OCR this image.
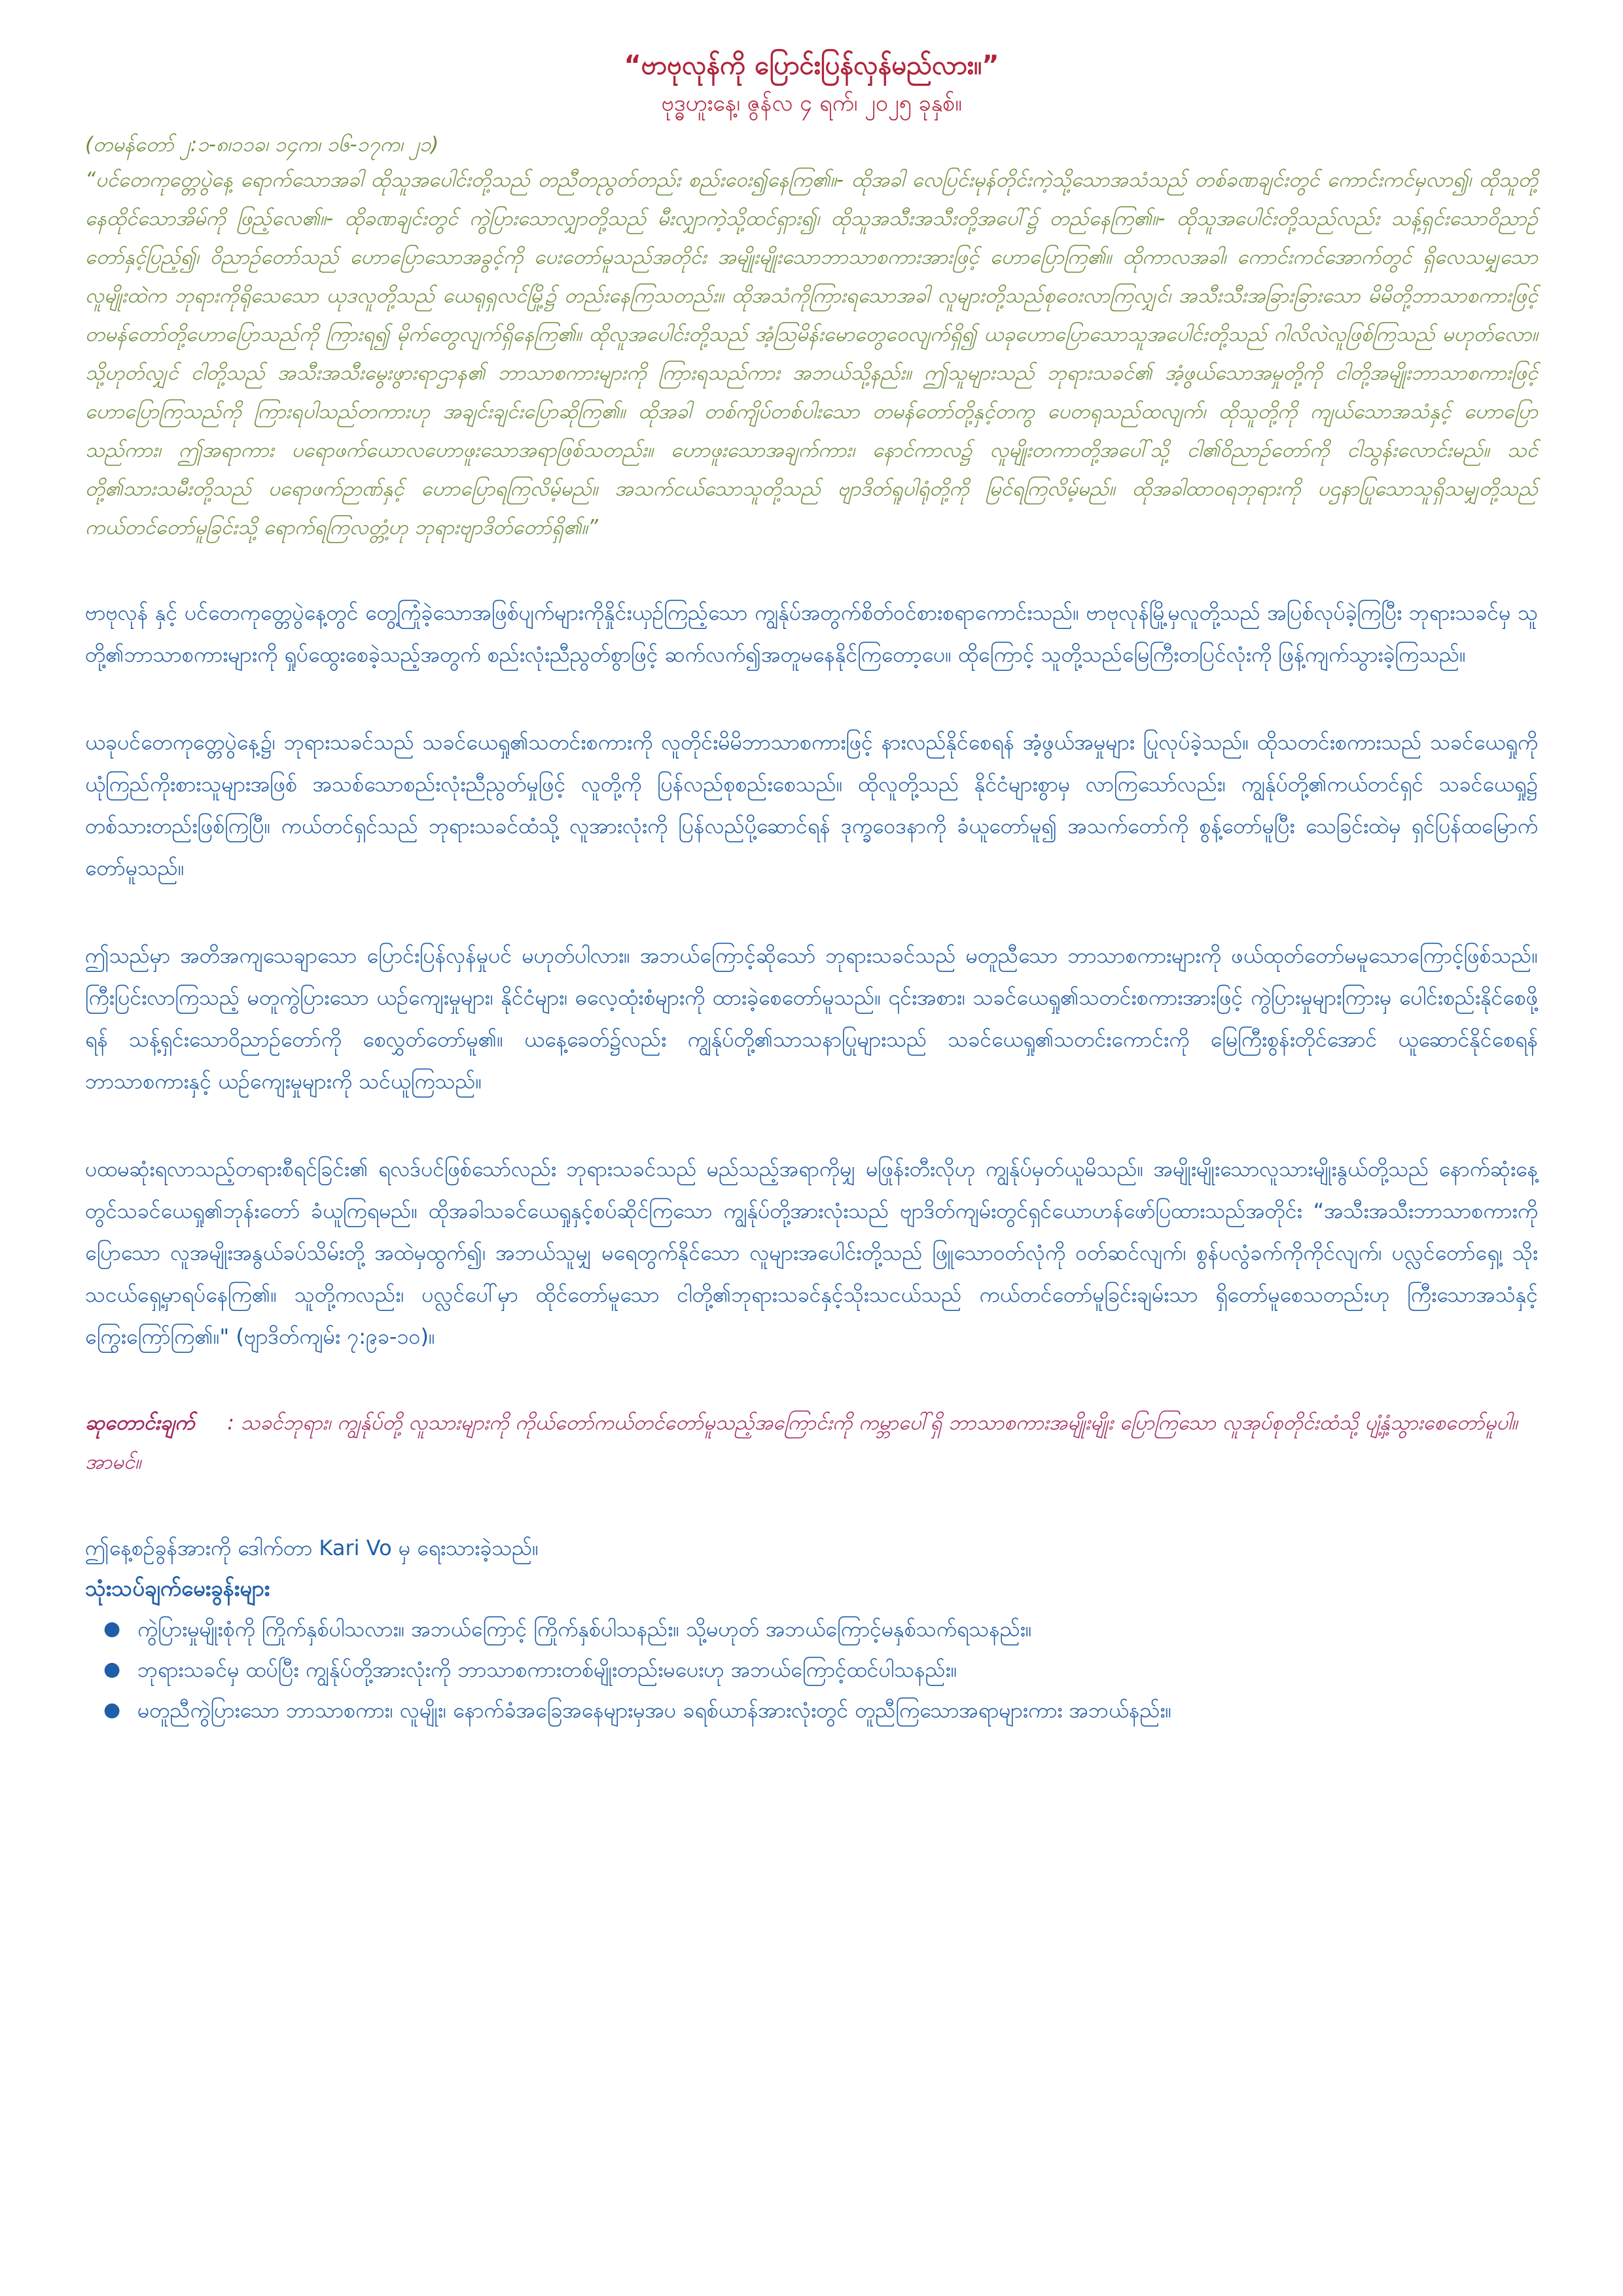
“ဗာဗုလုန်ကို ပြောင်းပြန်လှန်မည်လား။”

ဗုဒ္ဓဟူးနေ့၊ ဇွန်လ ၄ ရက်၊ ၂၀၂၅ ခုနှစ်။

(တမန်တော် ၂:၁-၈၊၁၁ခ၊ ၁၄က၊ ၁၆-၁၇က၊ ၂၁)

“ပင်တေကုတ္တေပွဲနေ့ ရောက်သောအခါ ထိုသူအပေါင်းတို့သည် တညီတညွတ်တည်း စည်းဝေး၍နေကြ၏။- ထိုအခါ လေပြင်းမုန်တိုင်းကဲ့သို့သောအသံသည် တစ်ခဏချင်းတွင် ကောင်းကင်မှလာ၍၊ ထိုသူတို့ နေထိုင်သောအိမ်ကို ဖြည့်လေ၏။- ထိုခဏချင်းတွင် ကွဲပြားသောလျှာတို့သည် မီးလျှာကဲ့သို့ထင်ရှား၍၊ ထိုသူအသီးအသီးတို့အပေါ်၌ တည်နေကြ၏။- ထိုသူအပေါင်းတို့သည်လည်း သန့်ရှင်းသောဝိညာဉ်တော်နှင့်ပြည့်၍၊ ဝိညာဉ်တော်သည် ဟောပြောသောအခွင့်ကို ပေးတော်မူသည်အတိုင်း အမျိုးမျိုးသောဘာသာစကားအားဖြင့် ဟောပြောကြ၏။ ထိုကာလအခါ၊ ကောင်းကင်အောက်တွင် ရှိလေသမျှသောလူမျိုးထဲက ဘုရားကိုရိုသေသော ယုဒလူတို့သည် ယေရုရှလင်မြို့၌ တည်းနေကြသတည်း။ ထိုအသံကိုကြားရသောအခါ လူများတို့သည်စုဝေးလာကြလျှင်၊ အသီးသီးအခြားခြားသော မိမိတို့ဘာသာစကားဖြင့် တမန်တော်တို့ဟောပြောသည်ကို ကြားရ၍ မိုက်တွေလျက်ရှိနေကြ၏။ ထိုလူအပေါင်းတို့သည် အံ့သြမိန်းမောတွေဝေလျက်ရှိ၍ ယခုဟောပြောသောသူအပေါင်းတို့သည် ဂါလိလဲလူဖြစ်ကြသည် မဟုတ်လော။ သို့ဟုတ်လျှင် ငါတို့သည် အသီးအသီးမွေးဖွားရာဌာန၏ ဘာသာစကားများကို ကြားရသည်ကား အဘယ်သို့နည်း။ ဤသူများသည် ဘုရားသခင်၏ အံ့ဖွယ်သောအမှုတို့ကို ငါတို့အမျိုးဘာသာစကားဖြင့် ဟောပြောကြသည်ကို ကြားရပါသည်တကားဟု အချင်းချင်းပြောဆိုကြ၏။ ထိုအခါ တစ်ကျိပ်တစ်ပါးသော တမန်တော်တို့နှင့်တကွ ပေတရုသည်ထလျက်၊ ထိုသူတို့ကို ကျယ်သောအသံနှင့် ဟောပြောသည်ကား၊ ဤအရာကား ပရောဖက်ယောလဟောဖူးသောအရာဖြစ်သတည်း။ ဟောဖူးသောအချက်ကား၊ နောင်ကာလ၌ လူမျိုးတကာတို့အပေါ်သို့ ငါ၏ဝိညာဉ်တော်ကို ငါသွန်းလောင်းမည်။ သင်တို့၏သားသမီးတို့သည် ပရောဖက်ဉာဏ်နှင့် ဟောပြောရကြလိမ့်မည်။ အသက်ငယ်သောသူတို့သည် ဗျာဒိတ်ရူပါရုံတို့ကို မြင်ရကြလိမ့်မည်။ ထိုအခါထာဝရဘုရားကို ပဌနာပြုသောသူရှိသမျှတို့သည် ကယ်တင်တော်မူခြင်းသို့ ရောက်ရကြလတ္တံ့ဟု ဘုရားဗျာဒိတ်တော်ရှိ၏။”

ဗာဗုလုန် နှင့် ပင်တေကုတ္တေပွဲနေ့တွင် တွေ့ကြုံခဲ့သောအဖြစ်ပျက်များကိုနှိုင်းယှဉ်ကြည့်သော ကျွန်ုပ်အတွက်စိတ်ဝင်စားစရာကောင်းသည်။ ဗာဗုလုန်မြို့မှလူတို့သည် အပြစ်လုပ်ခဲ့ကြပြီး ဘုရားသခင်မှ သူတို့၏ဘာသာစကားများကို ရှုပ်ထွေးစေခဲ့သည့်အတွက် စည်းလုံးညီညွတ်စွာဖြင့် ဆက်လက်၍အတူမနေနိုင်ကြတော့ပေ။ ထိုကြောင့် သူတို့သည်မြေကြီးတပြင်လုံးကို ဖြန့်ကျက်သွားခဲ့ကြသည်။

ယခုပင်တေကုတ္တေပွဲနေ့၌၊ ဘုရားသခင်သည် သခင်ယေရှု၏သတင်းစကားကို လူတိုင်းမိမိဘာသာစကားဖြင့် နားလည်နိုင်စေရန် အံ့ဖွယ်အမှုများ ပြုလုပ်ခဲ့သည်။ ထိုသတင်းစကားသည် သခင်ယေရှုကိုယုံကြည်ကိုးစားသူများအဖြစ် အသစ်သောစည်းလုံးညီညွတ်မှုဖြင့် လူတို့ကို ပြန်လည်စုစည်းစေသည်။ ထိုလူတို့သည် နိုင်ငံများစွာမှ လာကြသော်လည်း၊ ကျွန်ုပ်တို့၏ကယ်တင်ရှင် သခင်ယေရှု၌ တစ်သားတည်းဖြစ်ကြပြီ။ ကယ်တင်ရှင်သည် ဘုရားသခင်ထံသို့ လူအားလုံးကို ပြန်လည်ပို့ဆောင်ရန် ဒုက္ခဝေဒနာကို ခံယူတော်မူ၍ အသက်တော်ကို စွန့်တော်မူပြီး သေခြင်းထဲမှ ရှင်ပြန်ထမြောက်တော်မူသည်။

ဤသည်မှာ အတိအကျသေချာသော ပြောင်းပြန်လှန်မှုပင် မဟုတ်ပါလား။ အဘယ်ကြောင့်ဆိုသော် ဘုရားသခင်သည် မတူညီသော ဘာသာစကားများကို ဖယ်ထုတ်တော်မမူသောကြောင့်ဖြစ်သည်။ ကြီးပြင်းလာကြသည့် မတူကွဲပြားသော ယဉ်ကျေးမှုများ၊ နိုင်ငံများ၊ ဓလေ့ထုံးစံများကို ထားခဲ့စေတော်မူသည်။ ၎င်းအစား၊ သခင်ယေရှု၏သတင်းစကားအားဖြင့် ကွဲပြားမှုများကြားမှ ပေါင်းစည်းနိုင်စေဖို့ရန် သန့်ရှင်းသောဝိညာဉ်တော်ကို စေလွှတ်တော်မူ၏။ ယနေ့ခေတ်၌လည်း ကျွန်ုပ်တို့၏သာသနာပြုများသည် သခင်ယေရှု၏သတင်းကောင်းကို မြေကြီးစွန်းတိုင်အောင် ယူဆောင်နိုင်စေရန်ဘာသာစကားနှင့် ယဉ်ကျေးမှုများကို သင်ယူကြသည်။

ပထမဆုံးရလာသည့်တရားစီရင်ခြင်း၏ ရလဒ်ပင်ဖြစ်သော်လည်း ဘုရားသခင်သည် မည်သည့်အရာကိုမျှ မဖြုန်းတီးလိုဟု ကျွန်ုပ်မှတ်ယူမိသည်။ အမျိုးမျိုးသောလူသားမျိုးနွယ်တို့သည် နောက်ဆုံးနေ့တွင်သခင်ယေရှု၏ဘုန်းတော် ခံယူကြရမည်။ ထိုအခါသခင်ယေရှုနှင့်စပ်ဆိုင်ကြသော ကျွန်ုပ်တို့အားလုံးသည် ဗျာဒိတ်ကျမ်းတွင်ရှင်ယောဟန်ဖော်ပြထားသည်အတိုင်း “အသီးအသီးဘာသာစကားကိုပြောသော လူအမျိုးအနွယ်ခပ်သိမ်းတို့ အထဲမှထွက်၍၊ အဘယ်သူမျှ မရေတွက်နိုင်သော လူများအပေါင်းတို့သည် ဖြူသောဝတ်လုံကို ဝတ်ဆင်လျက်၊ စွန်ပလွံခက်ကိုကိုင်လျက်၊ ပလ္လင်တော်ရှေ့၊ သိုးသငယ်ရှေ့မှာရပ်နေကြ၏။ သူတို့ကလည်း၊ ပလ္လင်ပေါ်မှာ ထိုင်တော်မူသော ငါတို့၏ဘုရားသခင်နှင့်သိုးသငယ်သည် ကယ်တင်တော်မူခြင်းချမ်းသာ ရှိတော်မူစေသတည်းဟု ကြီးသောအသံနှင့် ကြွေးကြော်ကြ၏။" (ဗျာဒိတ်ကျမ်း ၇:၉ခ-၁၀)။

ဆုတောင်းချက် : သခင်ဘုရား၊ ကျွန်ုပ်တို့ လူသားများကို ကိုယ်တော်ကယ်တင်တော်မူသည့်အကြောင်းကို ကမ္ဘာပေါ်ရှိ ဘာသာစကားအမျိုးမျိုး ပြောကြသော လူအုပ်စုတိုင်းထံသို့ ပျံ့နှံ့သွားစေတော်မူပါ။ အာမင်။

ဤနေ့စဉ်ခွန်အားကို ဒေါက်တာ Kari Vo မှ ရေးသားခဲ့သည်။

သုံးသပ်ချက်မေးခွန်းများ

● ကွဲပြားမှုမျိုးစုံကို ကြိုက်နှစ်ပါသလား။ အဘယ်ကြောင့် ကြိုက်နှစ်ပါသနည်း။ သို့မဟုတ် အဘယ်ကြောင့်မနှစ်သက်ရသနည်း။
● ဘုရားသခင်မှ ထပ်ပြီး ကျွန်ုပ်တို့အားလုံးကို ဘာသာစကားတစ်မျိုးတည်းမပေးဟု အဘယ်ကြောင့်ထင်ပါသနည်း။
● မတူညီကွဲပြားသော ဘာသာစကား၊ လူမျိုး၊ နောက်ခံအခြေအနေများမှအပ ခရစ်ယာန်အားလုံးတွင် တူညီကြသောအရာများကား အဘယ်နည်း။
